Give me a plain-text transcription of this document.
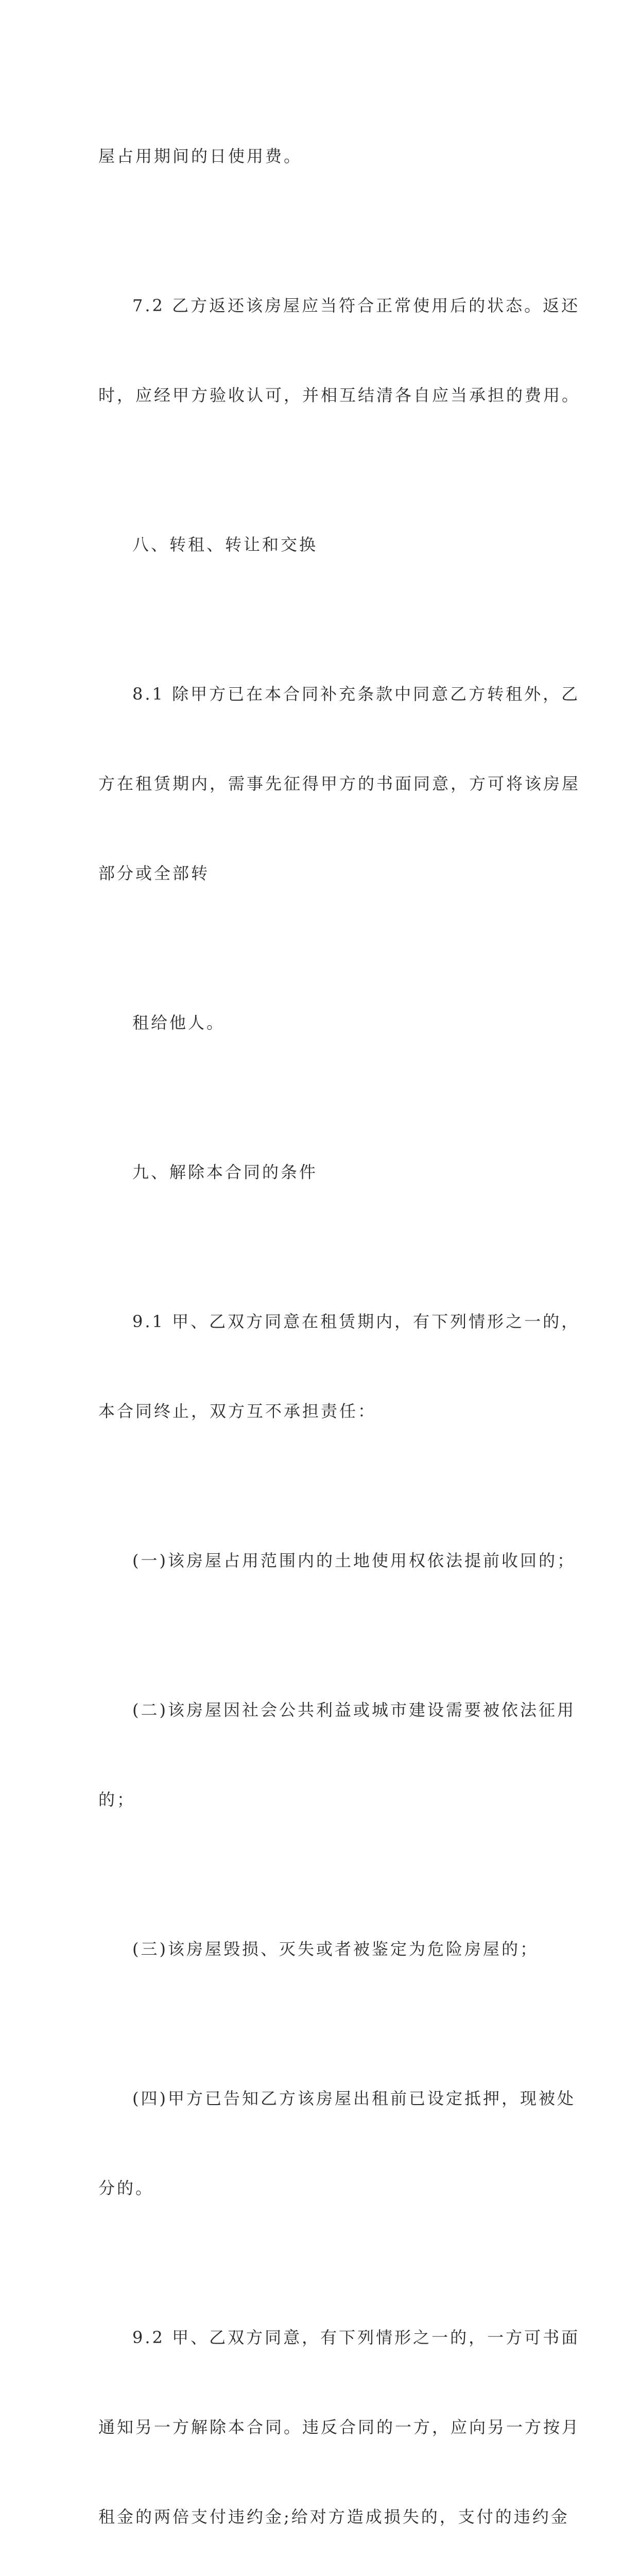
屋占用期间的日使用费。

7.2 乙方返还该房屋应当符合正常使用后的状态。返还

时，应经甲方验收认可，并相互结清各自应当承担的费用。

八、转租、转让和交换

8.1 除甲方已在本合同补充条款中同意乙方转租外，乙

方在租赁期内，需事先征得甲方的书面同意，方可将该房屋

部分或全部转

租给他人。

九、解除本合同的条件

9.1 甲、乙双方同意在租赁期内，有下列情形之一的，

本合同终止，双方互不承担责任：

(一)该房屋占用范围内的土地使用权依法提前收回的；

(二)该房屋因社会公共利益或城市建设需要被依法征用

的；

(三)该房屋毁损、灭失或者被鉴定为危险房屋的；

(四)甲方已告知乙方该房屋出租前已设定抵押，现被处

分的。

9.2 甲、乙双方同意，有下列情形之一的，一方可书面

通知另一方解除本合同。违反合同的一方，应向另一方按月

租金的两倍支付违约金;给对方造成损失的，支付的违约金
